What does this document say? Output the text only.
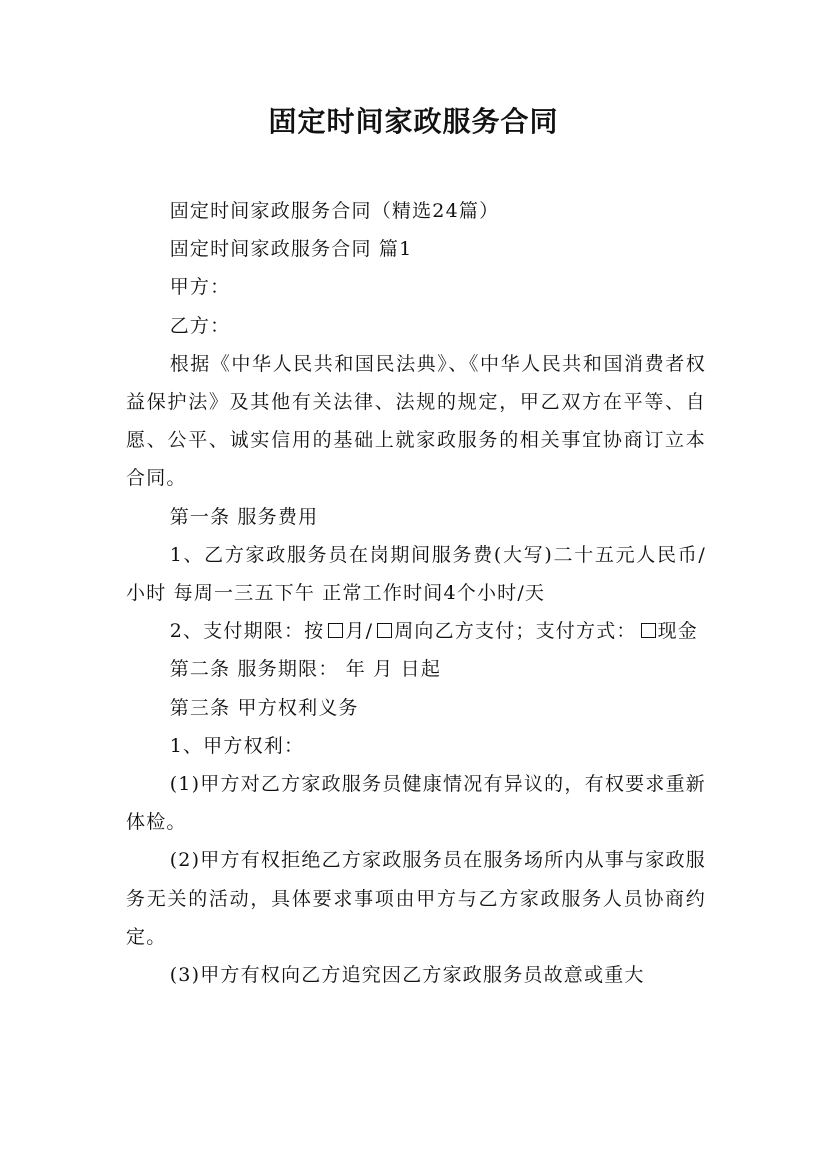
固定时间家政服务合同

固定时间家政服务合同（精选24篇）

固定时间家政服务合同 篇1

甲方：

乙方：

根据《中华人民共和国民法典》、《中华人民共和国消费者权益保护法》及其他有关法律、法规的规定，甲乙双方在平等、自愿、公平、诚实信用的基础上就家政服务的相关事宜协商订立本合同。

第一条 服务费用

1、乙方家政服务员在岗期间服务费(大写)二十五元人民币/小时 每周一三五下午 正常工作时间4个小时/天

2、支付期限：按 月/ 周向乙方支付；支付方式： 现金

第二条 服务期限： 年 月 日起

第三条 甲方权利义务

1、甲方权利：

(1)甲方对乙方家政服务员健康情况有异议的，有权要求重新体检。

(2)甲方有权拒绝乙方家政服务员在服务场所内从事与家政服务无关的活动，具体要求事项由甲方与乙方家政服务人员协商约定。

(3)甲方有权向乙方追究因乙方家政服务员故意或重大
